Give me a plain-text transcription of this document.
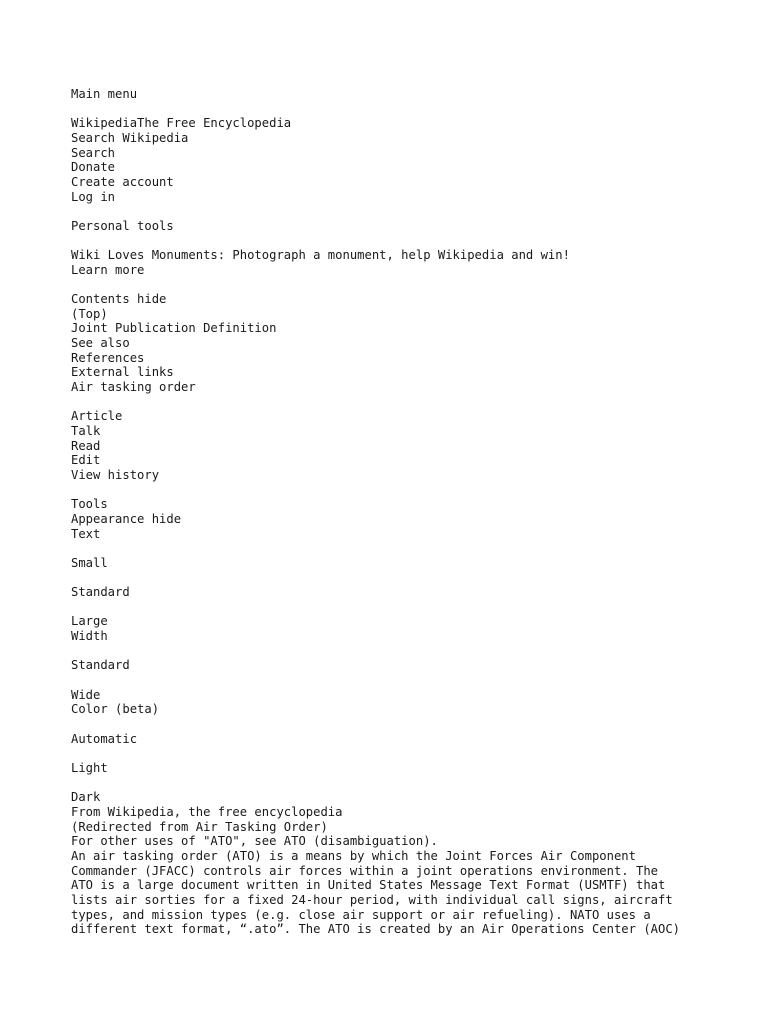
Main menu
WikipediaThe Free Encyclopedia
Search Wikipedia
Search
Donate
Create account
Log in
Personal tools
Wiki Loves Monuments: Photograph a monument, help Wikipedia and win!
Learn more
Contents hide
(Top)
Joint Publication Definition
See also
References
External links
Air tasking order
Article
Talk
Read
Edit
View history
Tools
Appearance hide
Text
Small
Standard
Large
Width
Standard
Wide
Color (beta)
Automatic
Light
Dark
From Wikipedia, the free encyclopedia
(Redirected from Air Tasking Order)
For other uses of "ATO", see ATO (disambiguation).
An air tasking order (ATO) is a means by which the Joint Forces Air Component
Commander (JFACC) controls air forces within a joint operations environment. The
ATO is a large document written in United States Message Text Format (USMTF) that
lists air sorties for a fixed 24-hour period, with individual call signs, aircraft
types, and mission types (e.g. close air support or air refueling). NATO uses a
different text format, “.ato”. The ATO is created by an Air Operations Center (AOC)
